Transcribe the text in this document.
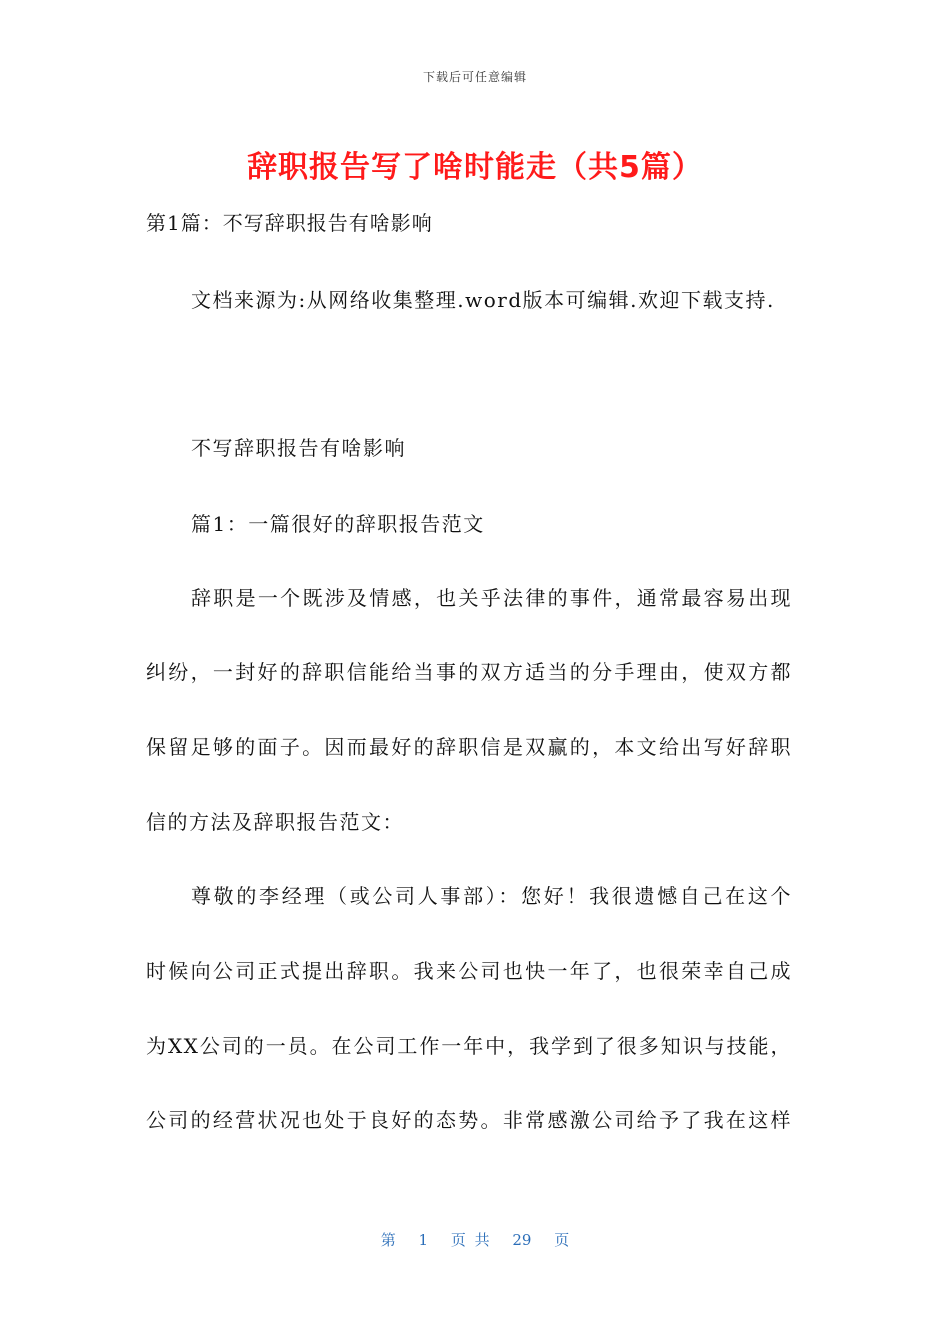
下载后可任意编辑
辞职报告写了啥时能走（共5篇）
第1篇：不写辞职报告有啥影响
文档来源为:从网络收集整理.word版本可编辑.欢迎下载支持.
不写辞职报告有啥影响
篇1：一篇很好的辞职报告范文
辞职是一个既涉及情感，也关乎法律的事件，通常最容易出现
纠纷，一封好的辞职信能给当事的双方适当的分手理由，使双方都
保留足够的面子。因而最好的辞职信是双赢的，本文给出写好辞职
信的方法及辞职报告范文：
尊敬的李经理（或公司人事部）：您好！我很遗憾自己在这个
时候向公司正式提出辞职。我来公司也快一年了，也很荣幸自己成
为XX公司的一员。在公司工作一年中，我学到了很多知识与技能，
公司的经营状况也处于良好的态势。非常感激公司给予了我在这样
第 1 页 共 29 页
